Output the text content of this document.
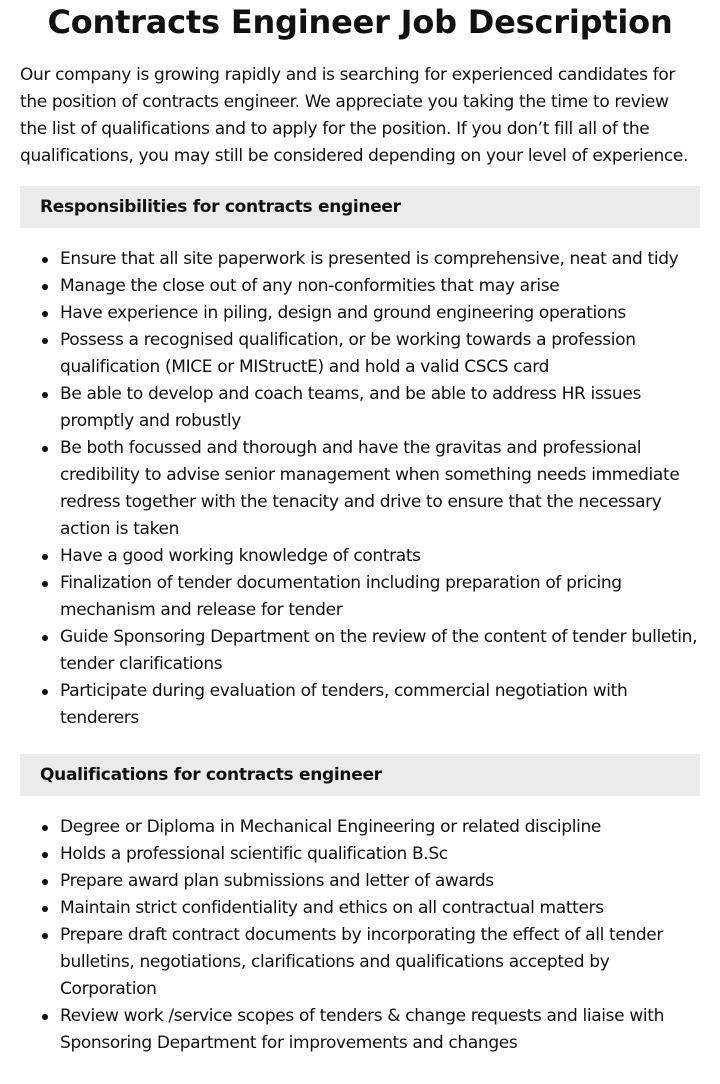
Contracts Engineer Job Description

Our company is growing rapidly and is searching for experienced candidates for the position of contracts engineer. We appreciate you taking the time to review the list of qualifications and to apply for the position. If you don’t fill all of the qualifications, you may still be considered depending on your level of experience.

Responsibilities for contracts engineer
Ensure that all site paperwork is presented is comprehensive, neat and tidy
Manage the close out of any non-conformities that may arise
Have experience in piling, design and ground engineering operations
Possess a recognised qualification, or be working towards a profession qualification (MICE or MIStructE) and hold a valid CSCS card
Be able to develop and coach teams, and be able to address HR issues promptly and robustly
Be both focussed and thorough and have the gravitas and professional credibility to advise senior management when something needs immediate redress together with the tenacity and drive to ensure that the necessary action is taken
Have a good working knowledge of contrats
Finalization of tender documentation including preparation of pricing mechanism and release for tender
Guide Sponsoring Department on the review of the content of tender bulletin, tender clarifications
Participate during evaluation of tenders, commercial negotiation with tenderers
Qualifications for contracts engineer
Degree or Diploma in Mechanical Engineering or related discipline
Holds a professional scientific qualification B.Sc
Prepare award plan submissions and letter of awards
Maintain strict confidentiality and ethics on all contractual matters
Prepare draft contract documents by incorporating the effect of all tender bulletins, negotiations, clarifications and qualifications accepted by Corporation
Review work /service scopes of tenders & change requests and liaise with Sponsoring Department for improvements and changes
